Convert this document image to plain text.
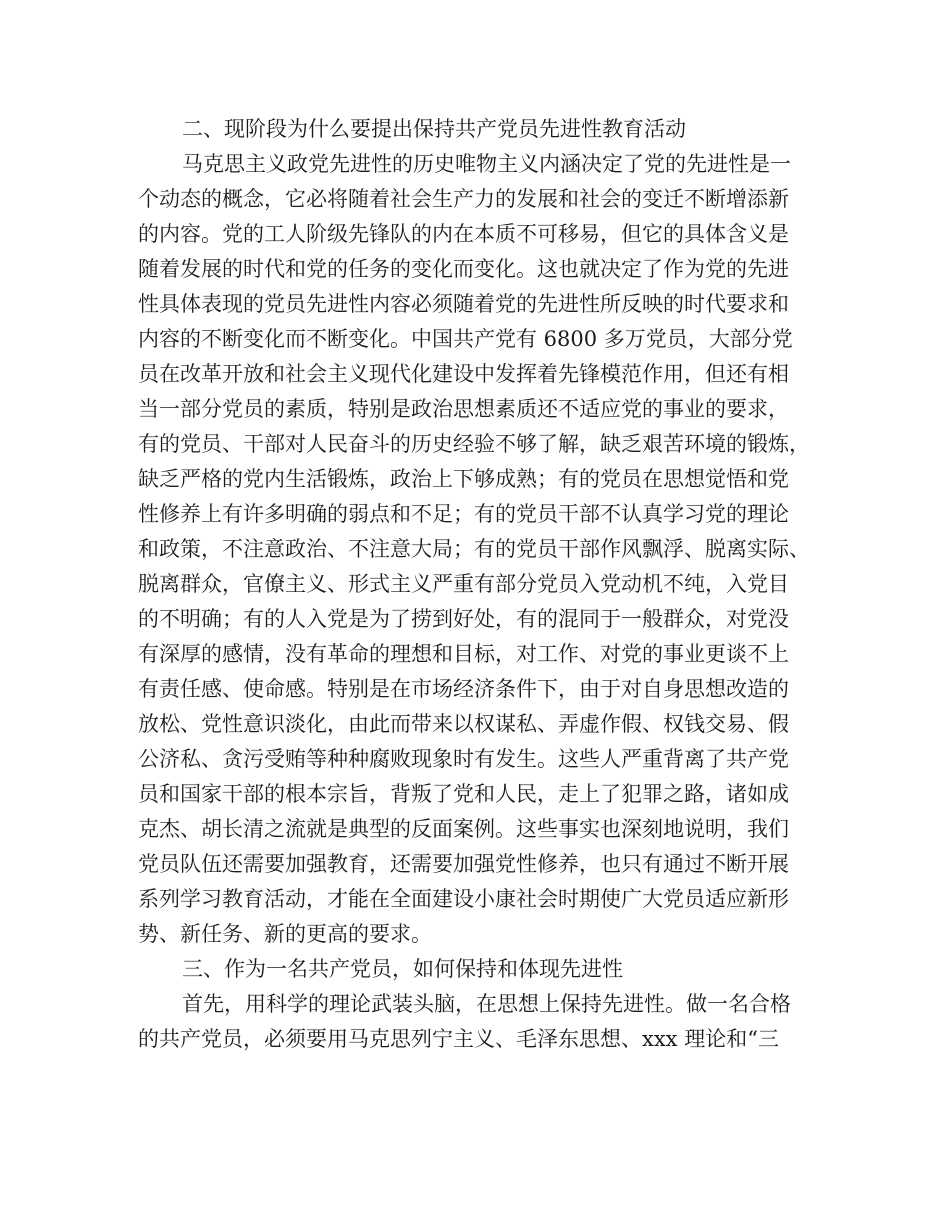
二、现阶段为什么要提出保持共产党员先进性教育活动
马克思主义政党先进性的历史唯物主义内涵决定了党的先进性是一
个动态的概念，它必将随着社会生产力的发展和社会的变迁不断增添新
的内容。党的工人阶级先锋队的内在本质不可移易，但它的具体含义是
随着发展的时代和党的任务的变化而变化。这也就决定了作为党的先进
性具体表现的党员先进性内容必须随着党的先进性所反映的时代要求和
内容的不断变化而不断变化。中国共产党有 6800 多万党员，大部分党
员在改革开放和社会主义现代化建设中发挥着先锋模范作用，但还有相
当一部分党员的素质，特别是政治思想素质还不适应党的事业的要求，
有的党员、干部对人民奋斗的历史经验不够了解，缺乏艰苦环境的锻炼，
缺乏严格的党内生活锻炼，政治上下够成熟；有的党员在思想觉悟和党
性修养上有许多明确的弱点和不足；有的党员干部不认真学习党的理论
和政策，不注意政治、不注意大局；有的党员干部作风飘浮、脱离实际、
脱离群众，官僚主义、形式主义严重有部分党员入党动机不纯，入党目
的不明确；有的人入党是为了捞到好处，有的混同于一般群众，对党没
有深厚的感情，没有革命的理想和目标，对工作、对党的事业更谈不上
有责任感、使命感。特别是在市场经济条件下，由于对自身思想改造的
放松、党性意识淡化，由此而带来以权谋私、弄虚作假、权钱交易、假
公济私、贪污受贿等种种腐败现象时有发生。这些人严重背离了共产党
员和国家干部的根本宗旨，背叛了党和人民，走上了犯罪之路，诸如成
克杰、胡长清之流就是典型的反面案例。这些事实也深刻地说明，我们
党员队伍还需要加强教育，还需要加强党性修养，也只有通过不断开展
系列学习教育活动，才能在全面建设小康社会时期使广大党员适应新形
势、新任务、新的更高的要求。
三、作为一名共产党员，如何保持和体现先进性
首先，用科学的理论武装头脑，在思想上保持先进性。做一名合格
的共产党员，必须要用马克思列宁主义、毛泽东思想、xxx 理论和“三
